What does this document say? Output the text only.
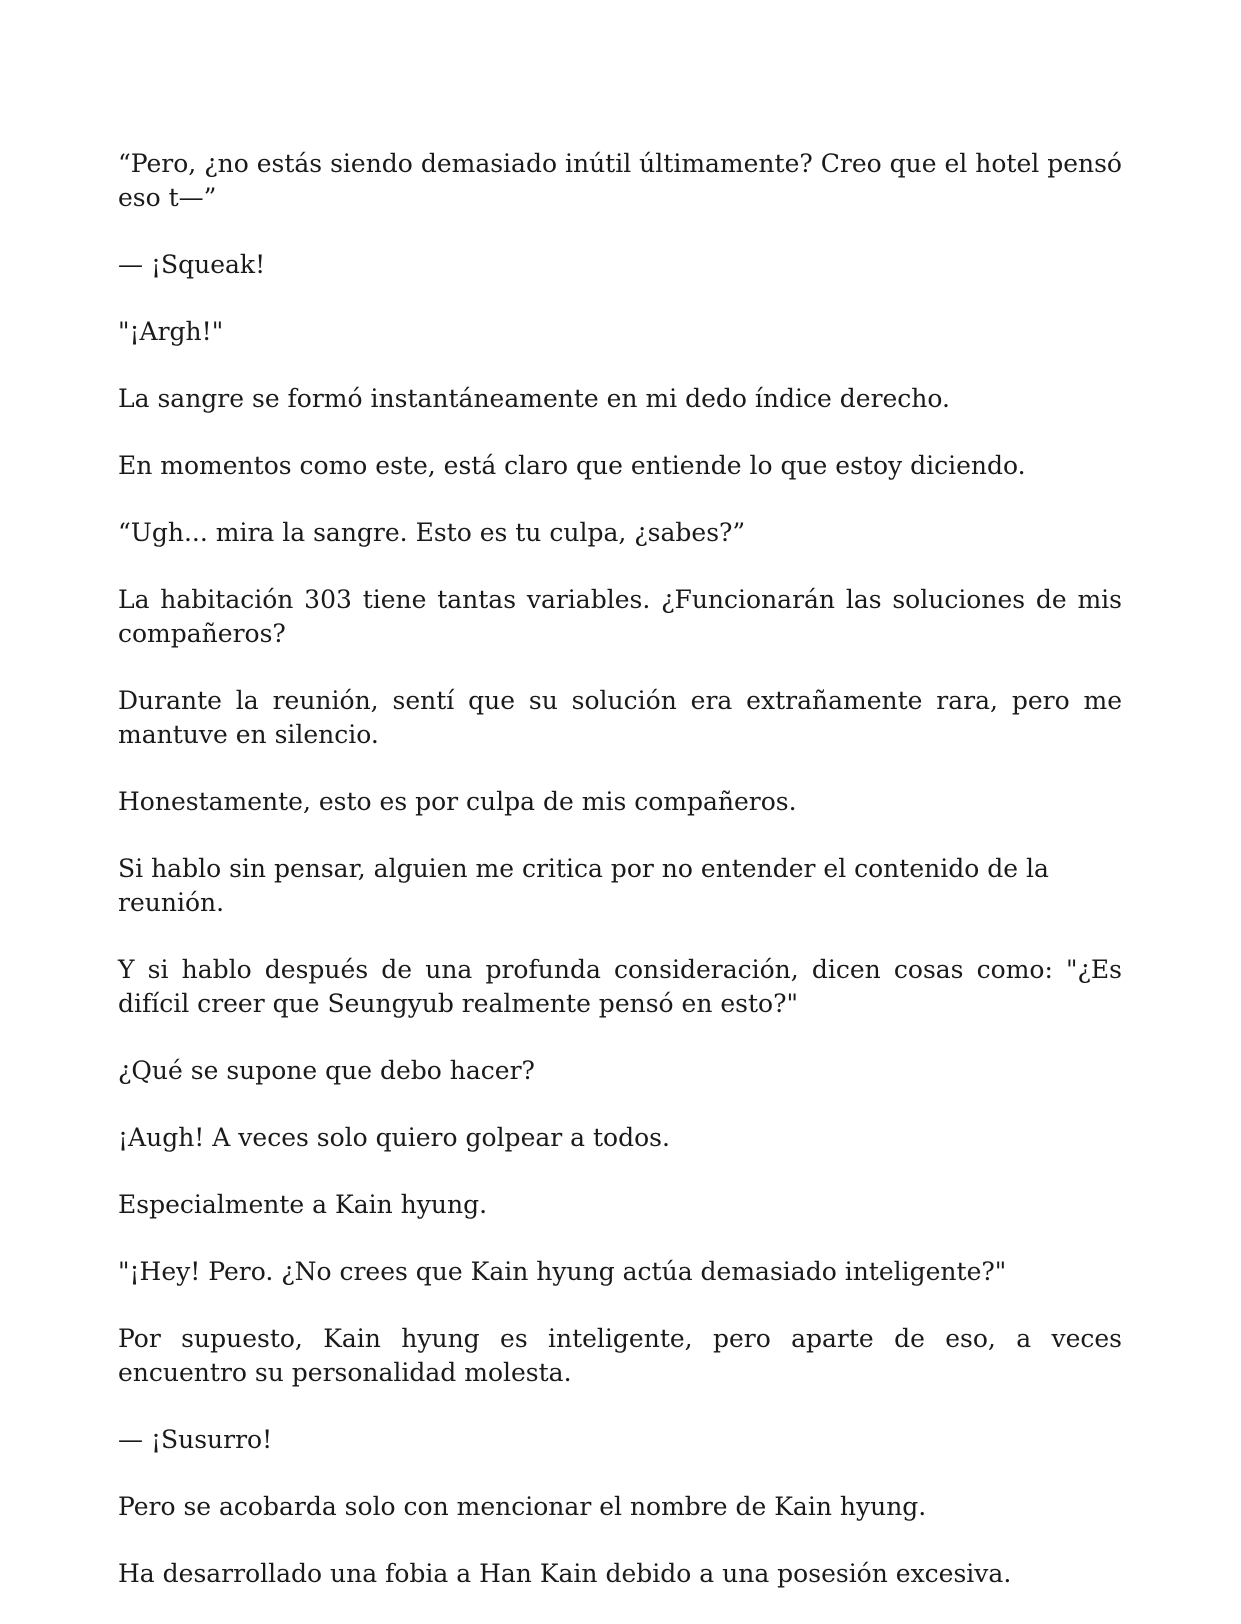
“Pero, ¿no estás siendo demasiado inútil últimamente? Creo que el hotel pensó eso t—”

— ¡Squeak!

"¡Argh!"

La sangre se formó instantáneamente en mi dedo índice derecho.

En momentos como este, está claro que entiende lo que estoy diciendo.

“Ugh... mira la sangre. Esto es tu culpa, ¿sabes?”

La habitación 303 tiene tantas variables. ¿Funcionarán las soluciones de mis compañeros?

Durante la reunión, sentí que su solución era extrañamente rara, pero me mantuve en silencio.

Honestamente, esto es por culpa de mis compañeros.

Si hablo sin pensar, alguien me critica por no entender el contenido de la reunión.

Y si hablo después de una profunda consideración, dicen cosas como: "¿Es difícil creer que Seungyub realmente pensó en esto?"

¿Qué se supone que debo hacer?

¡Augh! A veces solo quiero golpear a todos.

Especialmente a Kain hyung.

"¡Hey! Pero. ¿No crees que Kain hyung actúa demasiado inteligente?"

Por supuesto, Kain hyung es inteligente, pero aparte de eso, a veces encuentro su personalidad molesta.

— ¡Susurro!

Pero se acobarda solo con mencionar el nombre de Kain hyung.

Ha desarrollado una fobia a Han Kain debido a una posesión excesiva.
